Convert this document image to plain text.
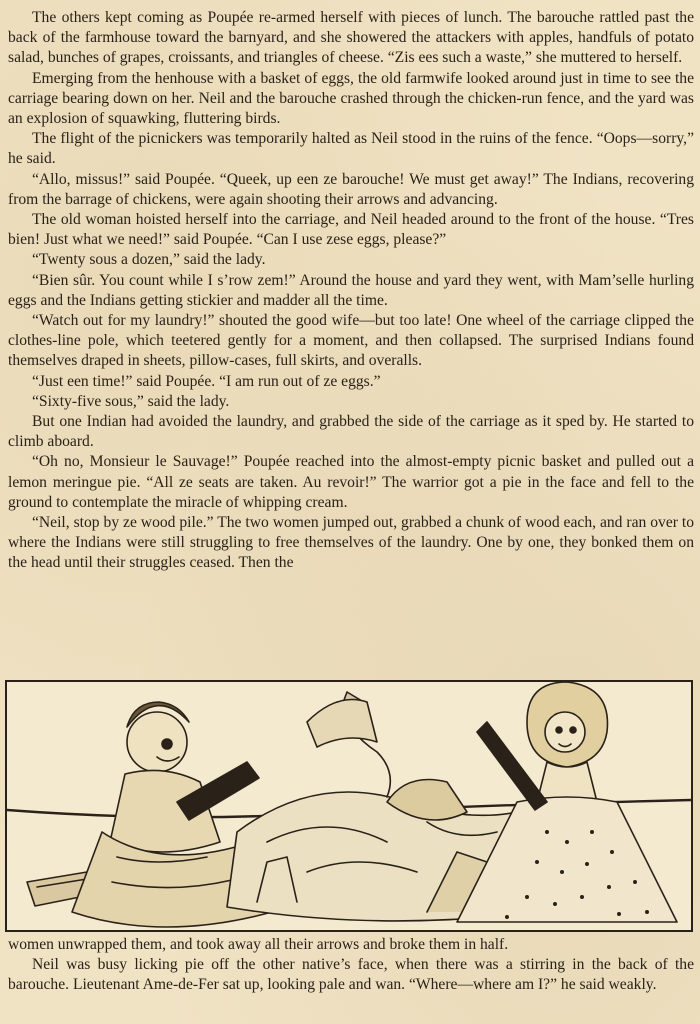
The others kept coming as Poupée re-armed herself with pieces of lunch. The barouche rattled past the back of the farmhouse toward the barnyard, and she showered the attackers with apples, handfuls of potato salad, bunches of grapes, croissants, and triangles of cheese. “Zis ees such a waste,” she muttered to herself.

Emerging from the henhouse with a basket of eggs, the old farmwife looked around just in time to see the carriage bearing down on her. Neil and the barouche crashed through the chicken-run fence, and the yard was an explosion of squawking, fluttering birds.

The flight of the picnickers was temporarily halted as Neil stood in the ruins of the fence. “Oops—sorry,” he said.

“Allo, missus!” said Poupée. “Queek, up een ze barouche! We must get away!” The Indians, recovering from the barrage of chickens, were again shooting their arrows and advancing.

The old woman hoisted herself into the carriage, and Neil headed around to the front of the house. “Tres bien! Just what we need!” said Poupée. “Can I use zese eggs, please?”

“Twenty sous a dozen,” said the lady.

“Bien sûr. You count while I s’row zem!” Around the house and yard they went, with Mam’selle hurling eggs and the Indians getting stickier and madder all the time.

“Watch out for my laundry!” shouted the good wife—but too late! One wheel of the carriage clipped the clothes-line pole, which teetered gently for a moment, and then collapsed. The surprised Indians found themselves draped in sheets, pillow-cases, full skirts, and overalls.

“Just een time!” said Poupée. “I am run out of ze eggs.”

“Sixty-five sous,” said the lady.

But one Indian had avoided the laundry, and grabbed the side of the carriage as it sped by. He started to climb aboard.

“Oh no, Monsieur le Sauvage!” Poupée reached into the almost-empty picnic basket and pulled out a lemon meringue pie. “All ze seats are taken. Au revoir!” The warrior got a pie in the face and fell to the ground to contemplate the miracle of whipping cream.

“Neil, stop by ze wood pile.” The two women jumped out, grabbed a chunk of wood each, and ran over to where the Indians were still struggling to free themselves of the laundry. One by one, they bonked them on the head until their struggles ceased. Then the

women unwrapped them, and took away all their arrows and broke them in half.

Neil was busy licking pie off the other native’s face, when there was a stirring in the back of the barouche. Lieutenant Ame-de-Fer sat up, looking pale and wan. “Where—where am I?” he said weakly.
